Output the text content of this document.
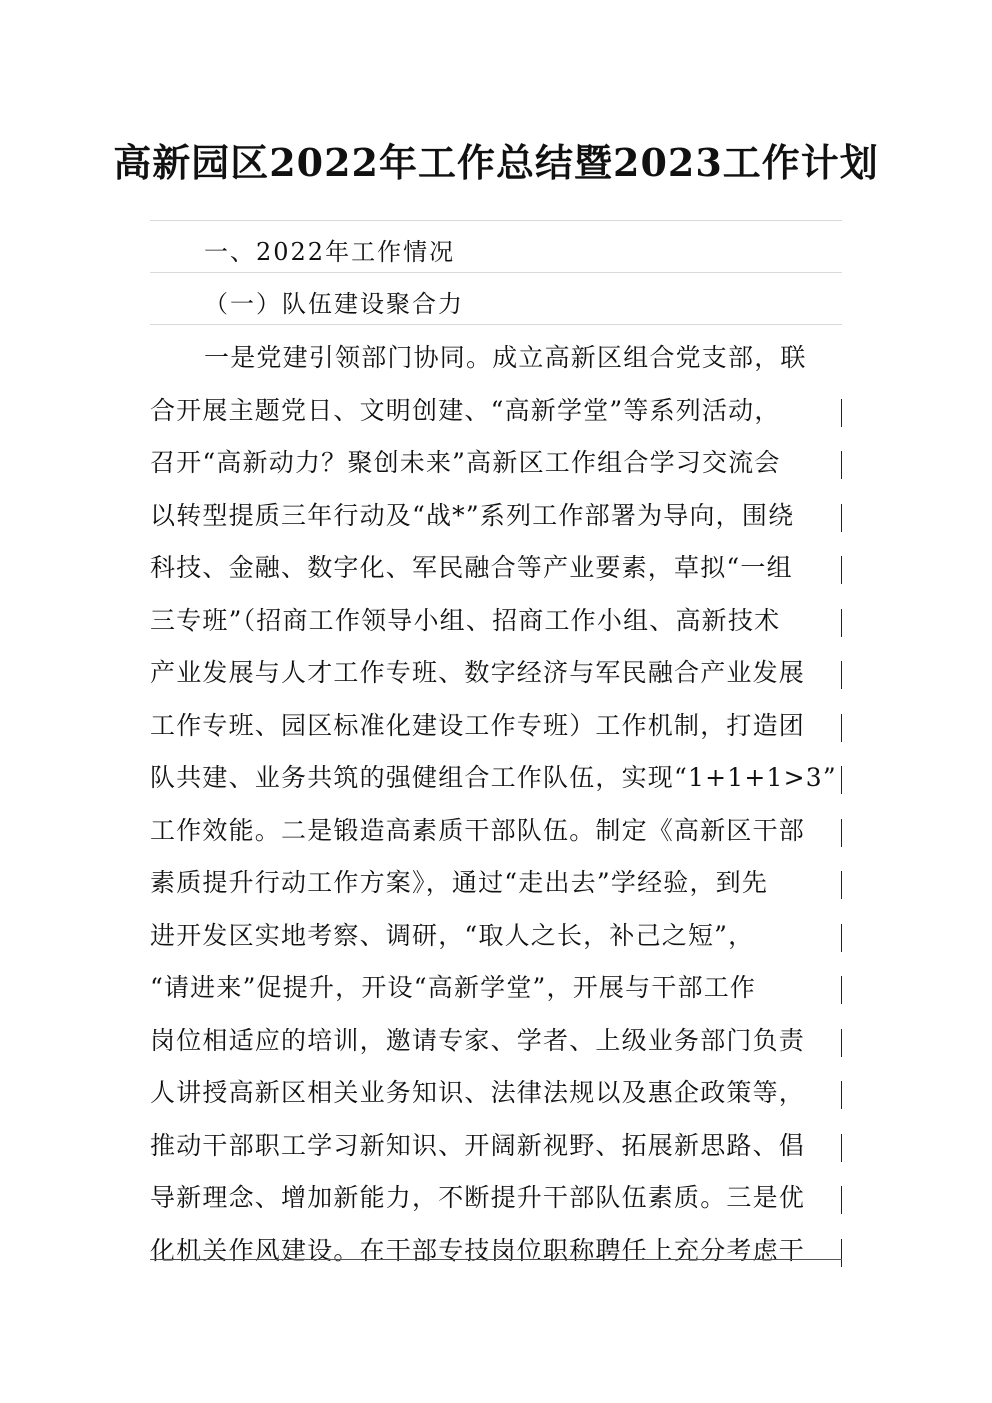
高新园区2022年工作总结暨2023工作计划
一、2022年工作情况
（一）队伍建设聚合力
一是党建引领部门协同。成立高新区组合党支部，联
合开展主题党日、文明创建、“高新学堂”等系列活动，
召开“高新动力？聚创未来”高新区工作组合学习交流会
以转型提质三年行动及“战*”系列工作部署为导向，围绕
科技、金融、数字化、军民融合等产业要素，草拟“一组
三专班”（招商工作领导小组、招商工作小组、高新技术
产业发展与人才工作专班、数字经济与军民融合产业发展
工作专班、园区标准化建设工作专班）工作机制，打造团
队共建、业务共筑的强健组合工作队伍，实现“1+1+1>3”
工作效能。二是锻造高素质干部队伍。制定《高新区干部
素质提升行动工作方案》，通过“走出去”学经验，到先
进开发区实地考察、调研，“取人之长，补己之短”，
“请进来”促提升，开设“高新学堂”，开展与干部工作
岗位相适应的培训，邀请专家、学者、上级业务部门负责
人讲授高新区相关业务知识、法律法规以及惠企政策等，
推动干部职工学习新知识、开阔新视野、拓展新思路、倡
导新理念、增加新能力，不断提升干部队伍素质。三是优
化机关作风建设。在干部专技岗位职称聘任上充分考虑干
